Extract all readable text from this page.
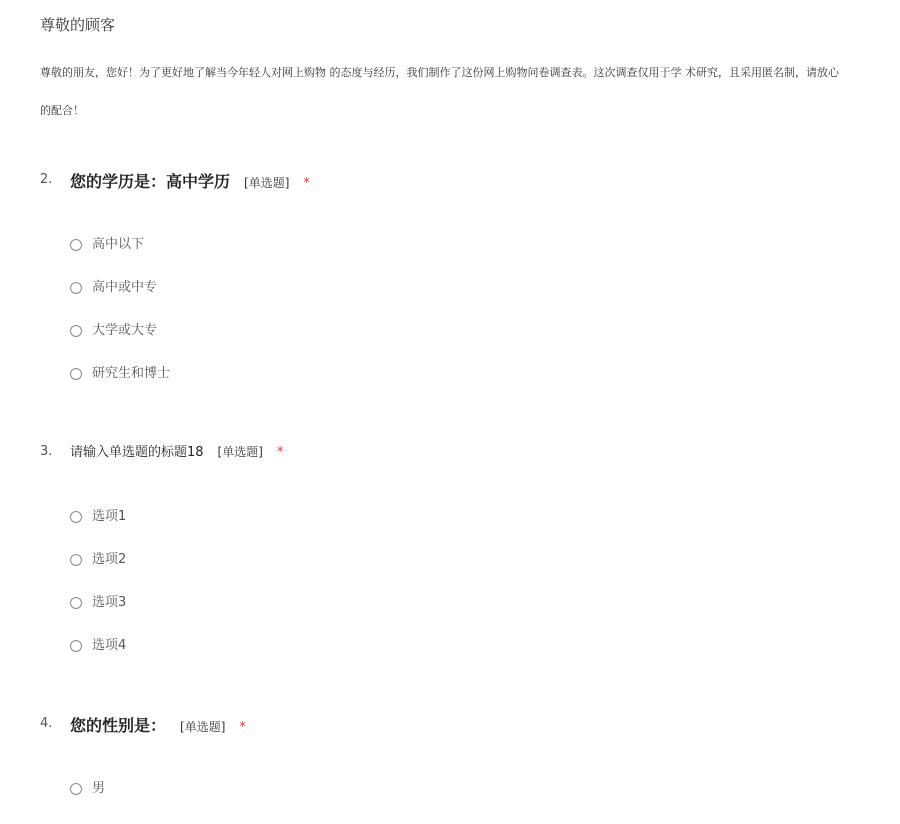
尊敬的顾客
尊敬的朋友，您好！为了更好地了解当今年轻人对网上购物 的态度与经历，我们制作了这份网上购物问卷调查表。这次调查仅用于学 术研究，且采用匿名制，请放心
的配合！
2. 您的学历是：高中学历 [单选题] *
高中以下
高中或中专
大学或大专
研究生和博士
3. 请输入单选题的标题18 [单选题] *
选项1
选项2
选项3
选项4
4. 您的性别是： [单选题] *
男
